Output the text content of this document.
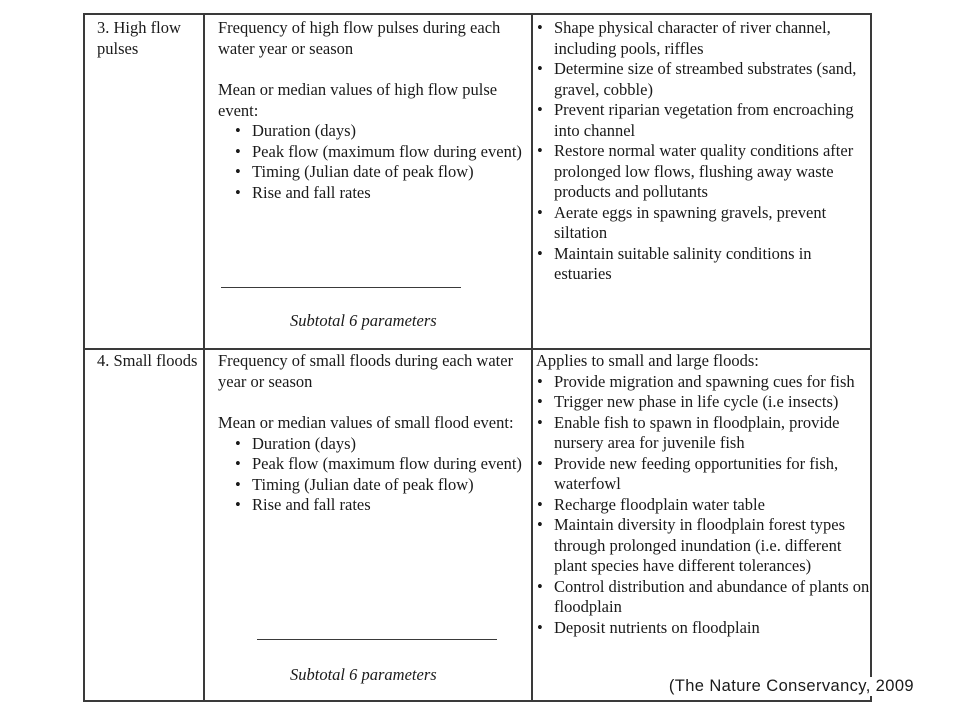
3. High flow pulses

Frequency of high flow pulses during each water year or season

Mean or median values of high flow pulse event:

• Duration (days)
• Peak flow (maximum flow during event)
• Timing (Julian date of peak flow)
• Rise and fall rates
• Shape physical character of river channel, including pools, riffles
• Determine size of streambed substrates (sand, gravel, cobble)
• Prevent riparian vegetation from encroaching into channel
• Restore normal water quality conditions after prolonged low flows, flushing away waste products and pollutants
• Aerate eggs in spawning gravels, prevent siltation
• Maintain suitable salinity conditions in estuaries
Subtotal 6 parameters
4. Small floods Frequency of small floods during each water year or season

Mean or median values of small flood event:

• Duration (days)
• Peak flow (maximum flow during event)
• Timing (Julian date of peak flow)
• Rise and fall rates

Applies to small and large floods:

• Provide migration and spawning cues for fish
• Trigger new phase in life cycle (i.e insects)
• Enable fish to spawn in floodplain, provide nursery area for juvenile fish
• Provide new feeding opportunities for fish, waterfowl
• Recharge floodplain water table
• Maintain diversity in floodplain forest types through prolonged inundation (i.e. different plant species have different tolerances)
• Control distribution and abundance of plants on floodplain
• Deposit nutrients on floodplain
Subtotal 6 parameters
(The Nature Conservancy, 2009
